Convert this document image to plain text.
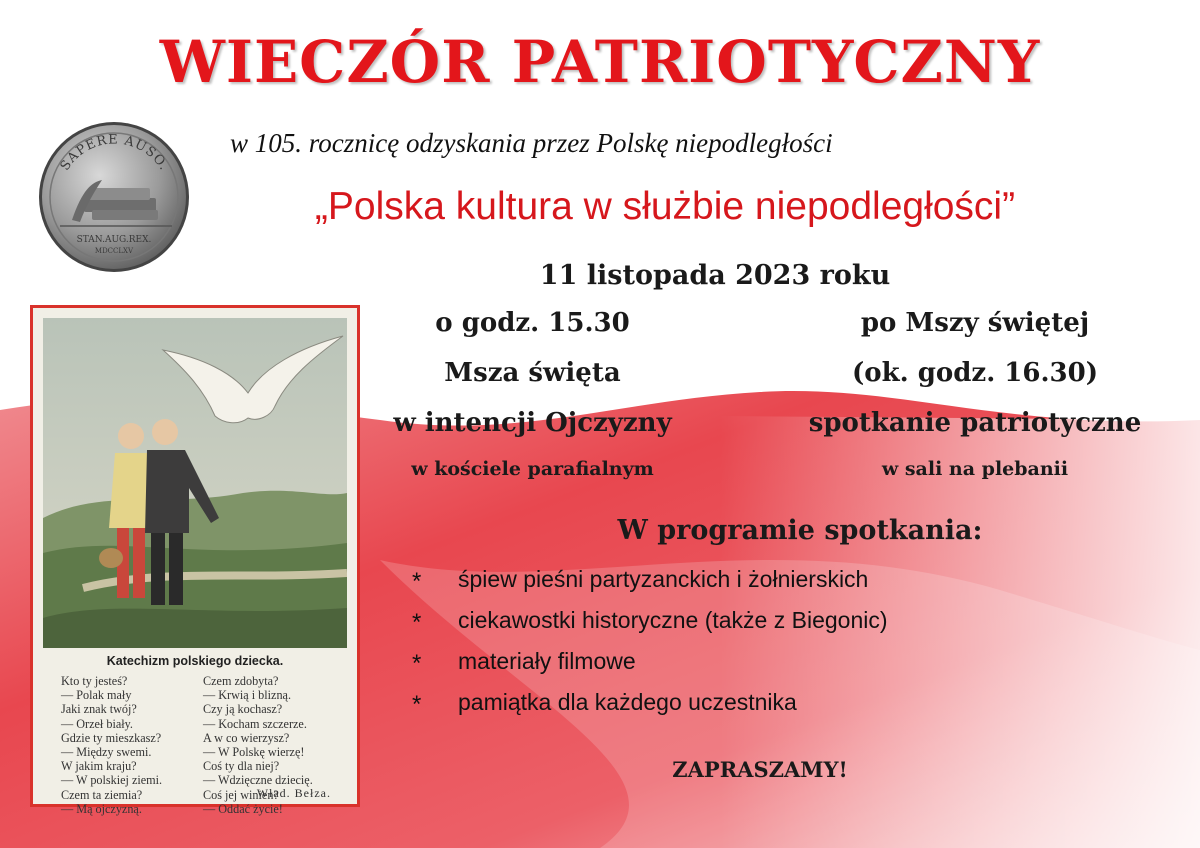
WIECZÓR PATRIOTYCZNY
w 105. rocznicę odzyskania przez Polskę niepodległości
„Polska kultura w służbie niepodległości”
11 listopada 2023 roku
o godz. 15.30
Msza święta
w intencji Ojczyzny
w kościele parafialnym
po Mszy świętej
(ok. godz. 16.30)
spotkanie patriotyczne
w sali na plebanii
W programie spotkania:
* śpiew pieśni partyzanckich i żołnierskich
* ciekawostki historyczne (także z Biegonic)
* materiały filmowe
* pamiątka dla każdego uczestnika
ZAPRASZAMY!
SAPERE AUSO.
STAN.AUG.REX.
MDCCLXV
Katechizm polskiego dziecka.
Kto ty jesteś?
— Polak mały
Jaki znak twój?
— Orzeł biały.
Gdzie ty mieszkasz?
— Między swemi.
W jakim kraju?
— W polskiej ziemi.
Czem ta ziemia?
— Mą ojczyzną.
Czem zdobyta?
— Krwią i blizną.
Czy ją kochasz?
— Kocham szczerze.
A w co wierzysz?
— W Polskę wierzę!
Coś ty dla niej?
— Wdzięczne dziecię.
Coś jej winien?
— Oddać życie!
Wład. Bełza.
